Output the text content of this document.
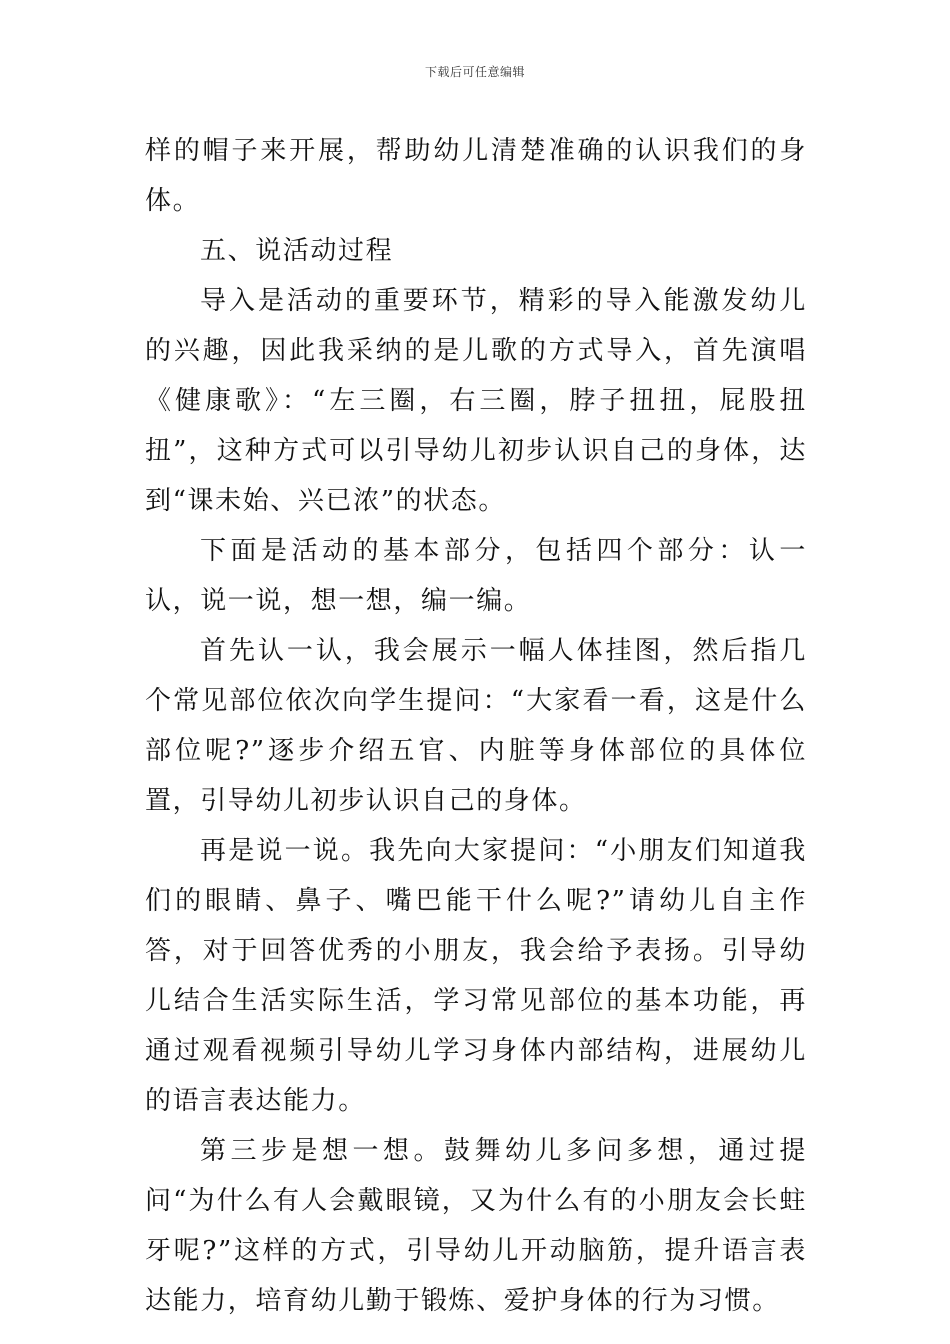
下载后可任意编辑

样的帽子来开展，帮助幼儿清楚准确的认识我们的身体。

五、说活动过程

导入是活动的重要环节，精彩的导入能激发幼儿的兴趣，因此我采纳的是儿歌的方式导入，首先演唱《健康歌》：“左三圈，右三圈，脖子扭扭，屁股扭扭”，这种方式可以引导幼儿初步认识自己的身体，达到“课未始、兴已浓”的状态。

下面是活动的基本部分，包括四个部分：认一认，说一说，想一想，编一编。

首先认一认，我会展示一幅人体挂图，然后指几个常见部位依次向学生提问：“大家看一看，这是什么部位呢?”逐步介绍五官、内脏等身体部位的具体位置，引导幼儿初步认识自己的身体。

再是说一说。我先向大家提问：“小朋友们知道我们的眼睛、鼻子、嘴巴能干什么呢?”请幼儿自主作答，对于回答优秀的小朋友，我会给予表扬。引导幼儿结合生活实际生活，学习常见部位的基本功能，再通过观看视频引导幼儿学习身体内部结构，进展幼儿的语言表达能力。

第三步是想一想。鼓舞幼儿多问多想，通过提问“为什么有人会戴眼镜，又为什么有的小朋友会长蛀牙呢?”这样的方式，引导幼儿开动脑筋，提升语言表达能力，培育幼儿勤于锻炼、爱护身体的行为习惯。
